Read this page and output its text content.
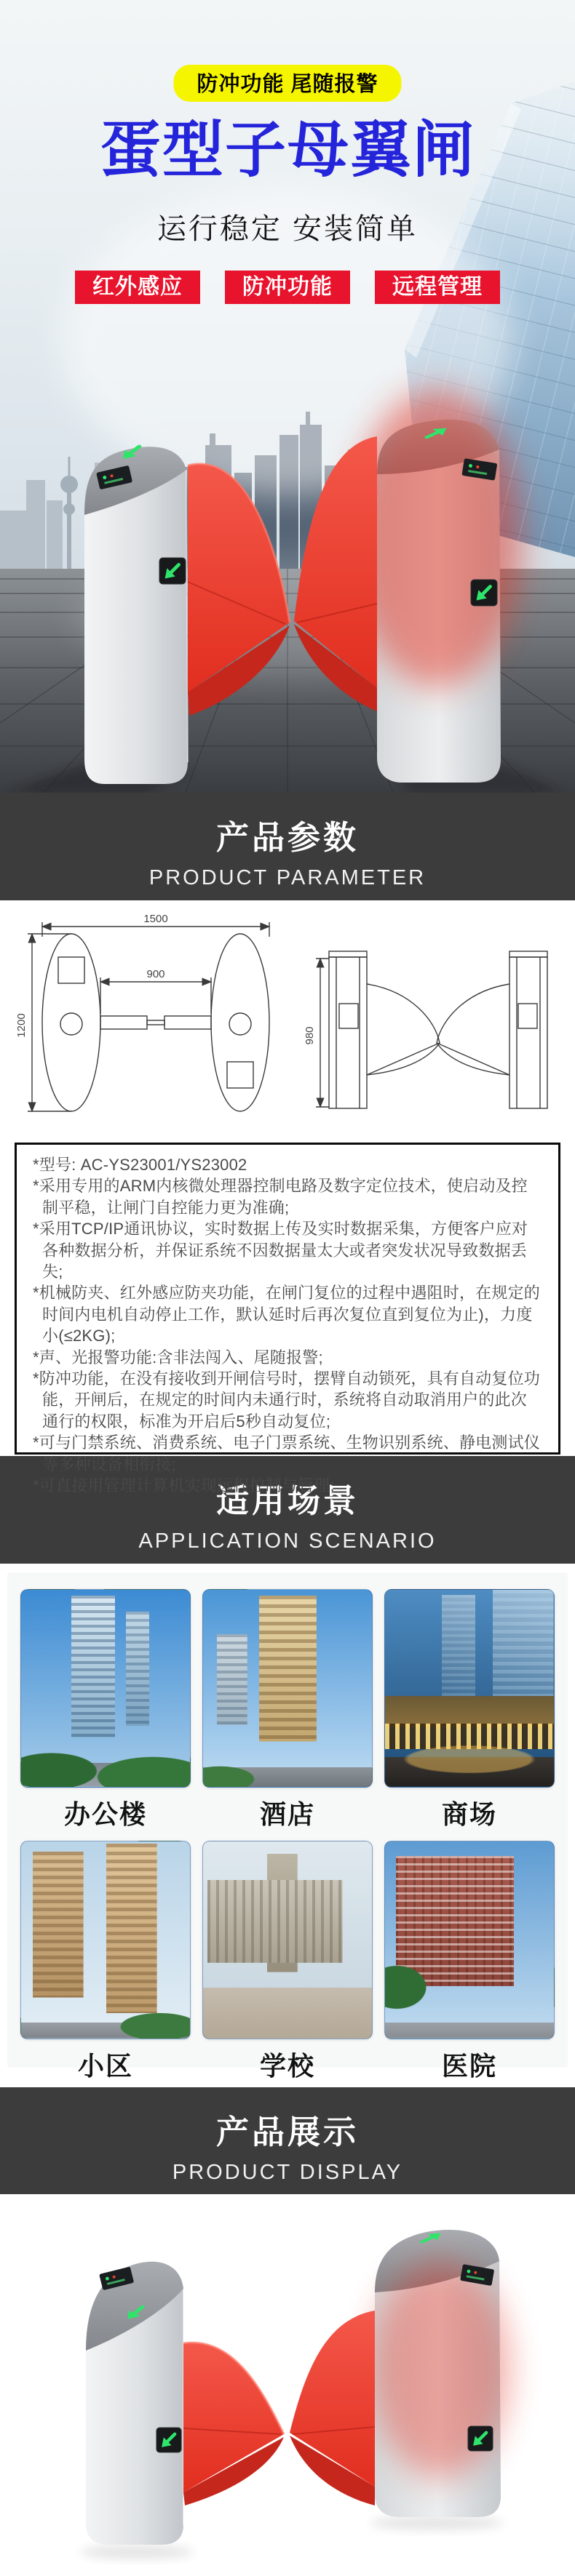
防冲功能 尾随报警
蛋型子母翼闸
运行稳定 安装简单
红外感应	防冲功能	远程管理
产品参数
PRODUCT PARAMETER
1500
900
1200	980

*型号: AC-YS23001/YS23002

*采用专用的ARM内核微处理器控制电路及数字定位技术，使启动及控制平稳，让闸门自控能力更为准确;

*采用TCP/IP通讯协议，实时数据上传及实时数据采集，方便客户应对各种数据分析，并保证系统不因数据量太大或者突发状况导致数据丢失;

*机械防夹、红外感应防夹功能，在闸门复位的过程中遇阻时，在规定的时间内电机自动停止工作，默认延时后再次复位直到复位为止)，力度小(≤2KG);

*声、光报警功能:含非法闯入、尾随报警;

*防冲功能，在没有接收到开闸信号时，摆臂自动锁死，具有自动复位功能，开闸后，在规定的时间内未通行时，系统将自动取消用户的此次通行的权限，标准为开启后5秒自动复位;

*可与门禁系统、消费系统、电子门票系统、生物识别系统、静电测试仪等多种设备相衔接;

*可直接用管理计算机实现远程控制与管理;

适用场景
APPLICATION SCENARIO
办公楼	酒店	商场
小区	学校	医院
产品展示
PRODUCT DISPLAY
